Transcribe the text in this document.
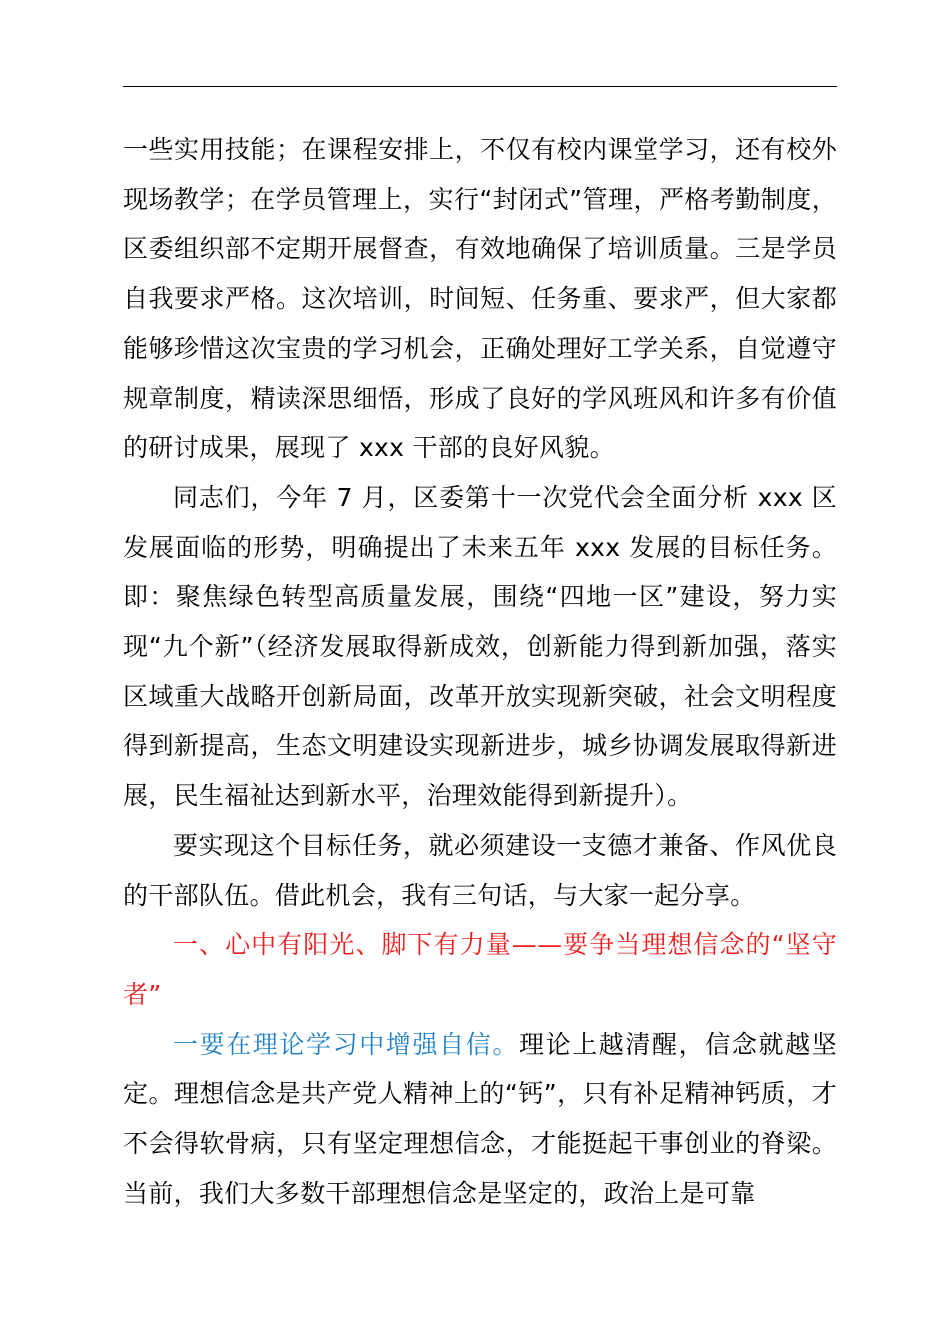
一些实用技能；在课程安排上，不仅有校内课堂学习，还有校外现场教学；在学员管理上，实行“封闭式”管理，严格考勤制度，区委组织部不定期开展督查，有效地确保了培训质量。三是学员自我要求严格。这次培训，时间短、任务重、要求严，但大家都能够珍惜这次宝贵的学习机会，正确处理好工学关系，自觉遵守规章制度，精读深思细悟，形成了良好的学风班风和许多有价值的研讨成果，展现了 xxx 干部的良好风貌。

同志们，今年 7 月，区委第十一次党代会全面分析 xxx 区发展面临的形势，明确提出了未来五年 xxx 发展的目标任务。即：聚焦绿色转型高质量发展，围绕“四地一区”建设，努力实现“九个新”（经济发展取得新成效，创新能力得到新加强，落实区域重大战略开创新局面，改革开放实现新突破，社会文明程度得到新提高，生态文明建设实现新进步，城乡协调发展取得新进展，民生福祉达到新水平，治理效能得到新提升）。

要实现这个目标任务，就必须建设一支德才兼备、作风优良的干部队伍。借此机会，我有三句话，与大家一起分享。

一、心中有阳光、脚下有力量——要争当理想信念的“坚守者”

一要在理论学习中增强自信。理论上越清醒，信念就越坚定。理想信念是共产党人精神上的“钙”，只有补足精神钙质，才不会得软骨病，只有坚定理想信念，才能挺起干事创业的脊梁。当前，我们大多数干部理想信念是坚定的，政治上是可靠
